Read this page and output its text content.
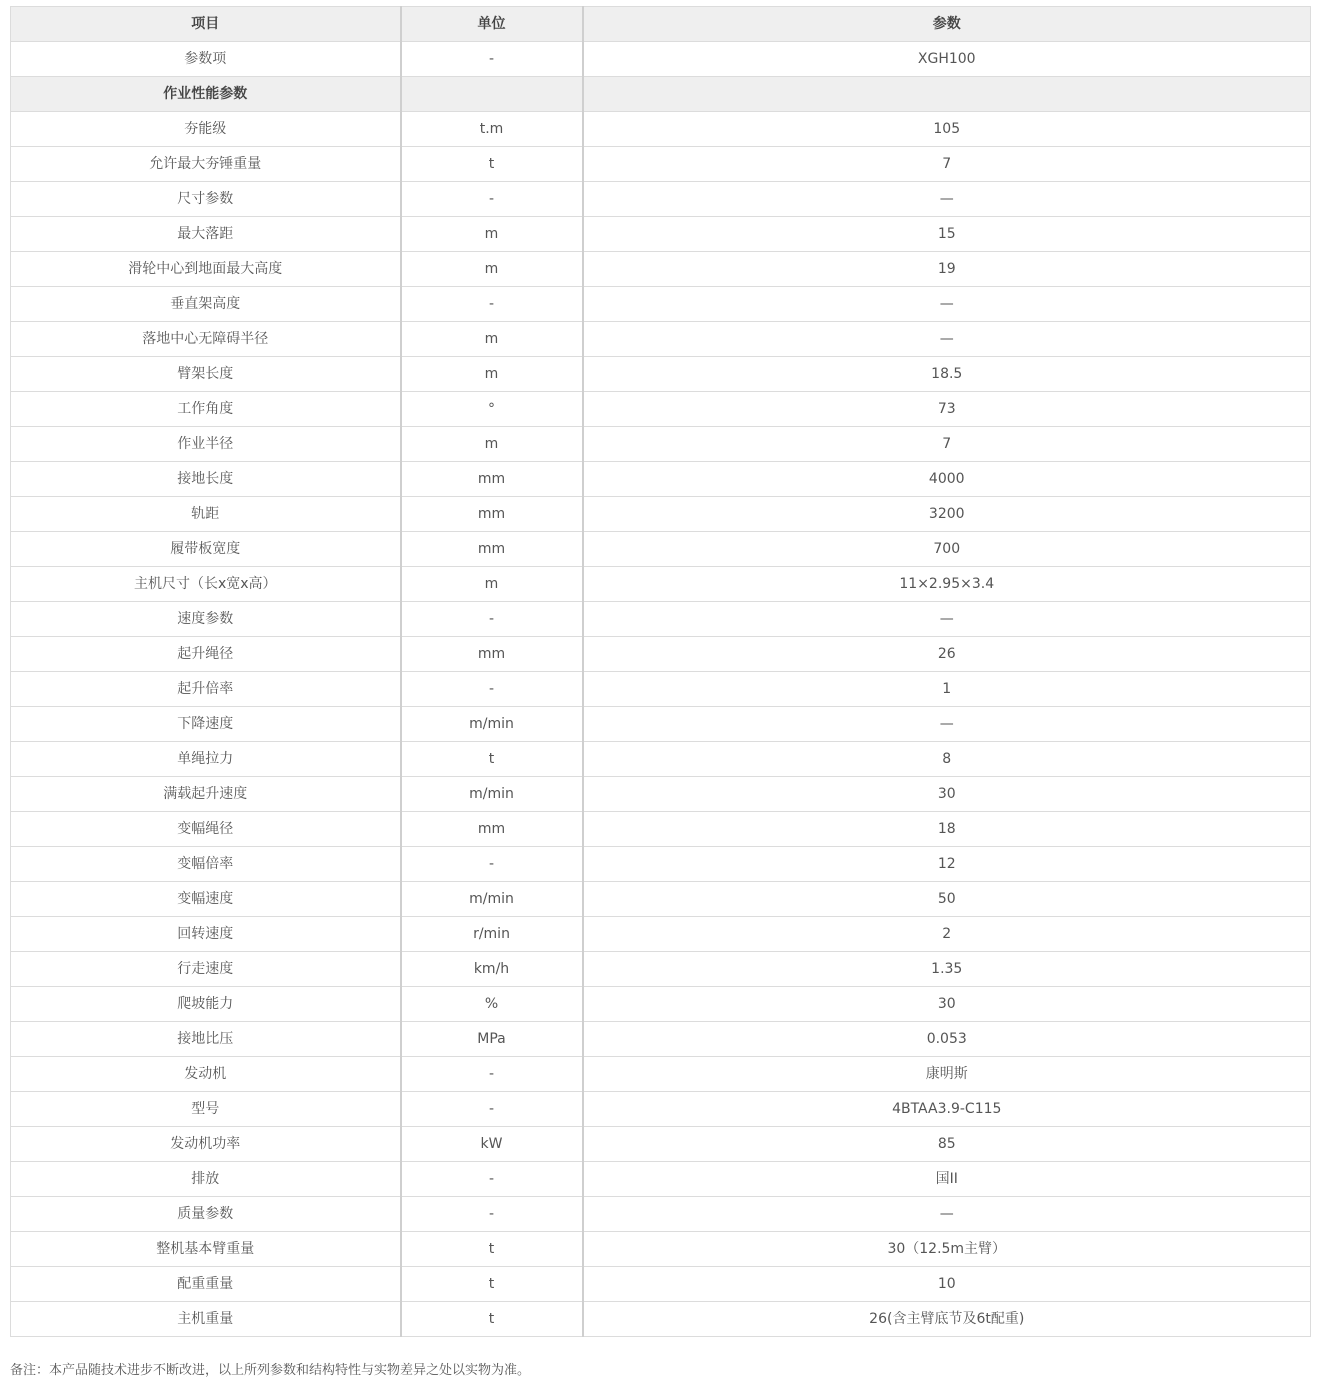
项目	单位	参数
参数项	-	XGH100
作业性能参数		
夯能级	t.m	105
允许最大夯锤重量	t	7
尺寸参数	-	—
最大落距	m	15
滑轮中心到地面最大高度	m	19
垂直架高度	-	—
落地中心无障碍半径	m	—
臂架长度	m	18.5
工作角度	°	73
作业半径	m	7
接地长度	mm	4000
轨距	mm	3200
履带板宽度	mm	700
主机尺寸（长x宽x高）	m	11×2.95×3.4
速度参数	-	—
起升绳径	mm	26
起升倍率	-	1
下降速度	m/min	—
单绳拉力	t	8
满载起升速度	m/min	30
变幅绳径	mm	18
变幅倍率	-	12
变幅速度	m/min	50
回转速度	r/min	2
行走速度	km/h	1.35
爬坡能力	%	30
接地比压	MPa	0.053
发动机	-	康明斯
型号	-	4BTAA3.9-C115
发动机功率	kW	85
排放	-	国II
质量参数	-	—
整机基本臂重量	t	30（12.5m主臂）
配重重量	t	10
主机重量	t	26(含主臂底节及6t配重)
备注：本产品随技术进步不断改进，以上所列参数和结构特性与实物差异之处以实物为准。
